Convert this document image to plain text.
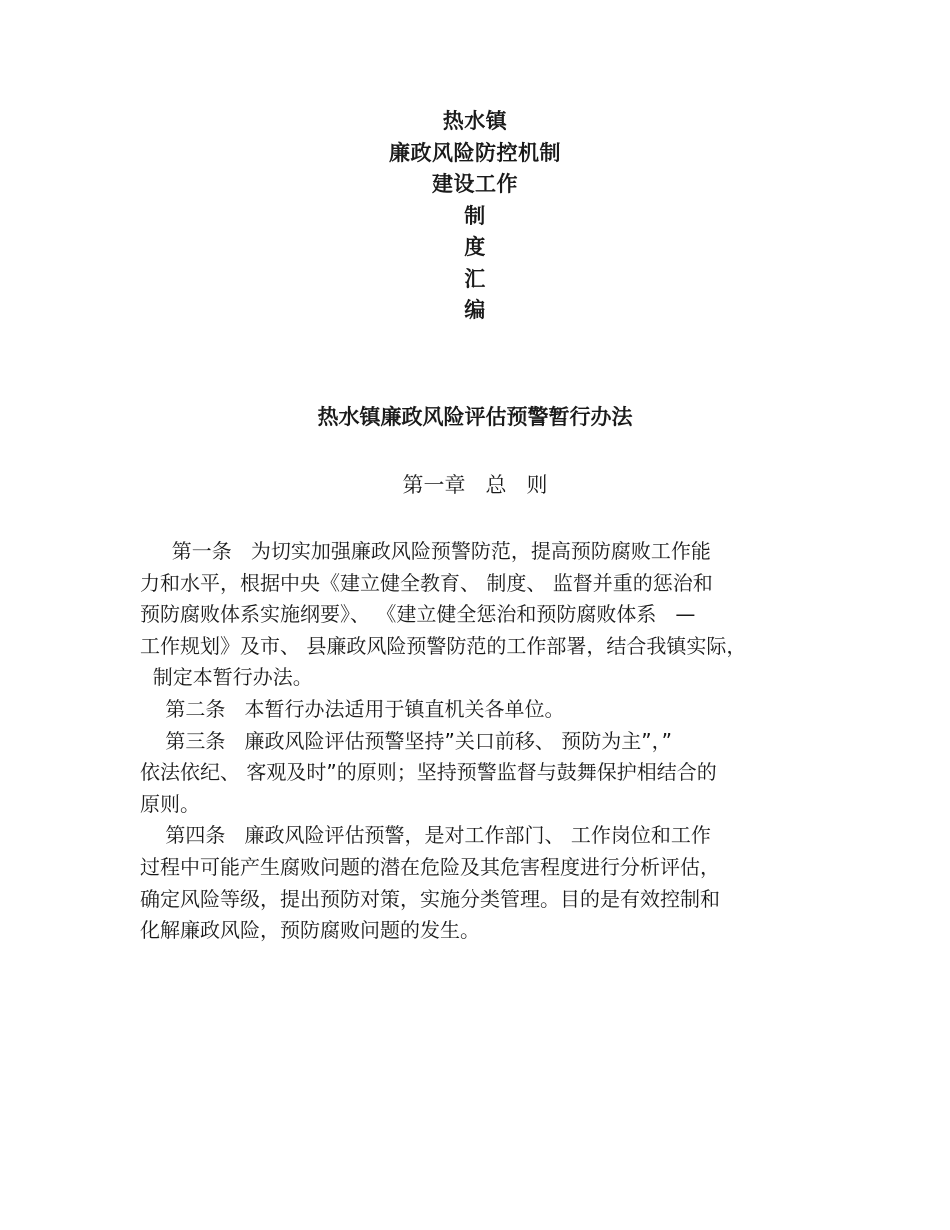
热水镇
廉政风险防控机制
建设工作
制
度
汇
编
热水镇廉政风险评估预警暂行办法
第一章 总 则
第一条   为切实加强廉政风险预警防范，提高预防腐败工作能
力和水平，根据中央《建立健全教育、 制度、 监督并重的惩治和
预防腐败体系实施纲要》、 《建立健全惩治和预防腐败体系   —
工作规划》及市、 县廉政风险预警防范的工作部署，结合我镇实际，
制定本暂行办法。
第二条   本暂行办法适用于镇直机关各单位。
第三条   廉政风险评估预警坚持”关口前移、 预防为主”，”
依法依纪、 客观及时”的原则；坚持预警监督与鼓舞保护相结合的
原则。
第四条   廉政风险评估预警，是对工作部门、 工作岗位和工作
过程中可能产生腐败问题的潜在危险及其危害程度进行分析评估，
确定风险等级，提出预防对策，实施分类管理。目的是有效控制和
化解廉政风险，预防腐败问题的发生。
